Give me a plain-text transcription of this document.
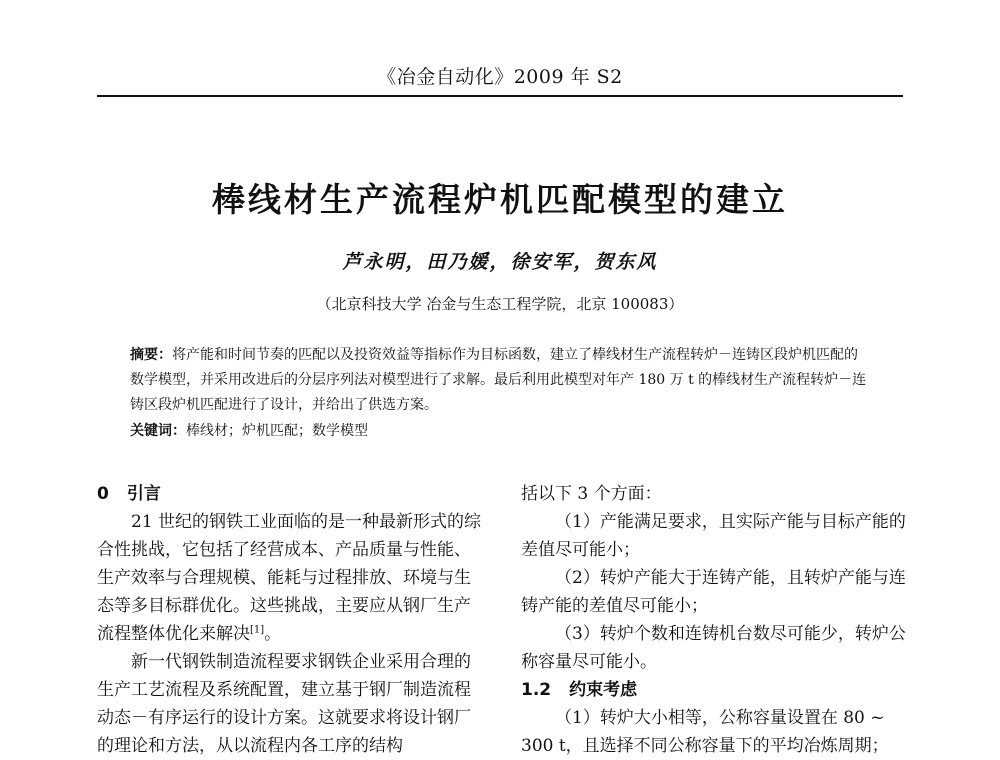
《冶金自动化》2009 年 S2
棒线材生产流程炉机匹配模型的建立
芦永明，田乃媛，徐安军，贺东风
（北京科技大学 冶金与生态工程学院，北京 100083）
摘要：将产能和时间节奏的匹配以及投资效益等指标作为目标函数，建立了棒线材生产流程转炉－连铸区段炉机匹配的数学模型，并采用改进后的分层序列法对模型进行了求解。最后利用此模型对年产 180 万 t 的棒线材生产流程转炉－连铸区段炉机匹配进行了设计，并给出了供选方案。
关键词：棒线材；炉机匹配；数学模型

0 引言

21 世纪的钢铁工业面临的是一种最新形式的综合性挑战，它包括了经营成本、产品质量与性能、生产效率与合理规模、能耗与过程排放、环境与生态等多目标群优化。这些挑战，主要应从钢厂生产流程整体优化来解决[1]。

新一代钢铁制造流程要求钢铁企业采用合理的生产工艺流程及系统配置，建立基于钢厂制造流程动态－有序运行的设计方案。这就要求将设计钢厂的理论和方法，从以流程内各工序的结构

括以下 3 个方面：

（1）产能满足要求，且实际产能与目标产能的差值尽可能小；

（2）转炉产能大于连铸产能，且转炉产能与连铸产能的差值尽可能小；

（3）转炉个数和连铸机台数尽可能少，转炉公称容量尽可能小。

1.2 约束考虑

（1）转炉大小相等，公称容量设置在 80 ~ 300 t，且选择不同公称容量下的平均冶炼周期；
